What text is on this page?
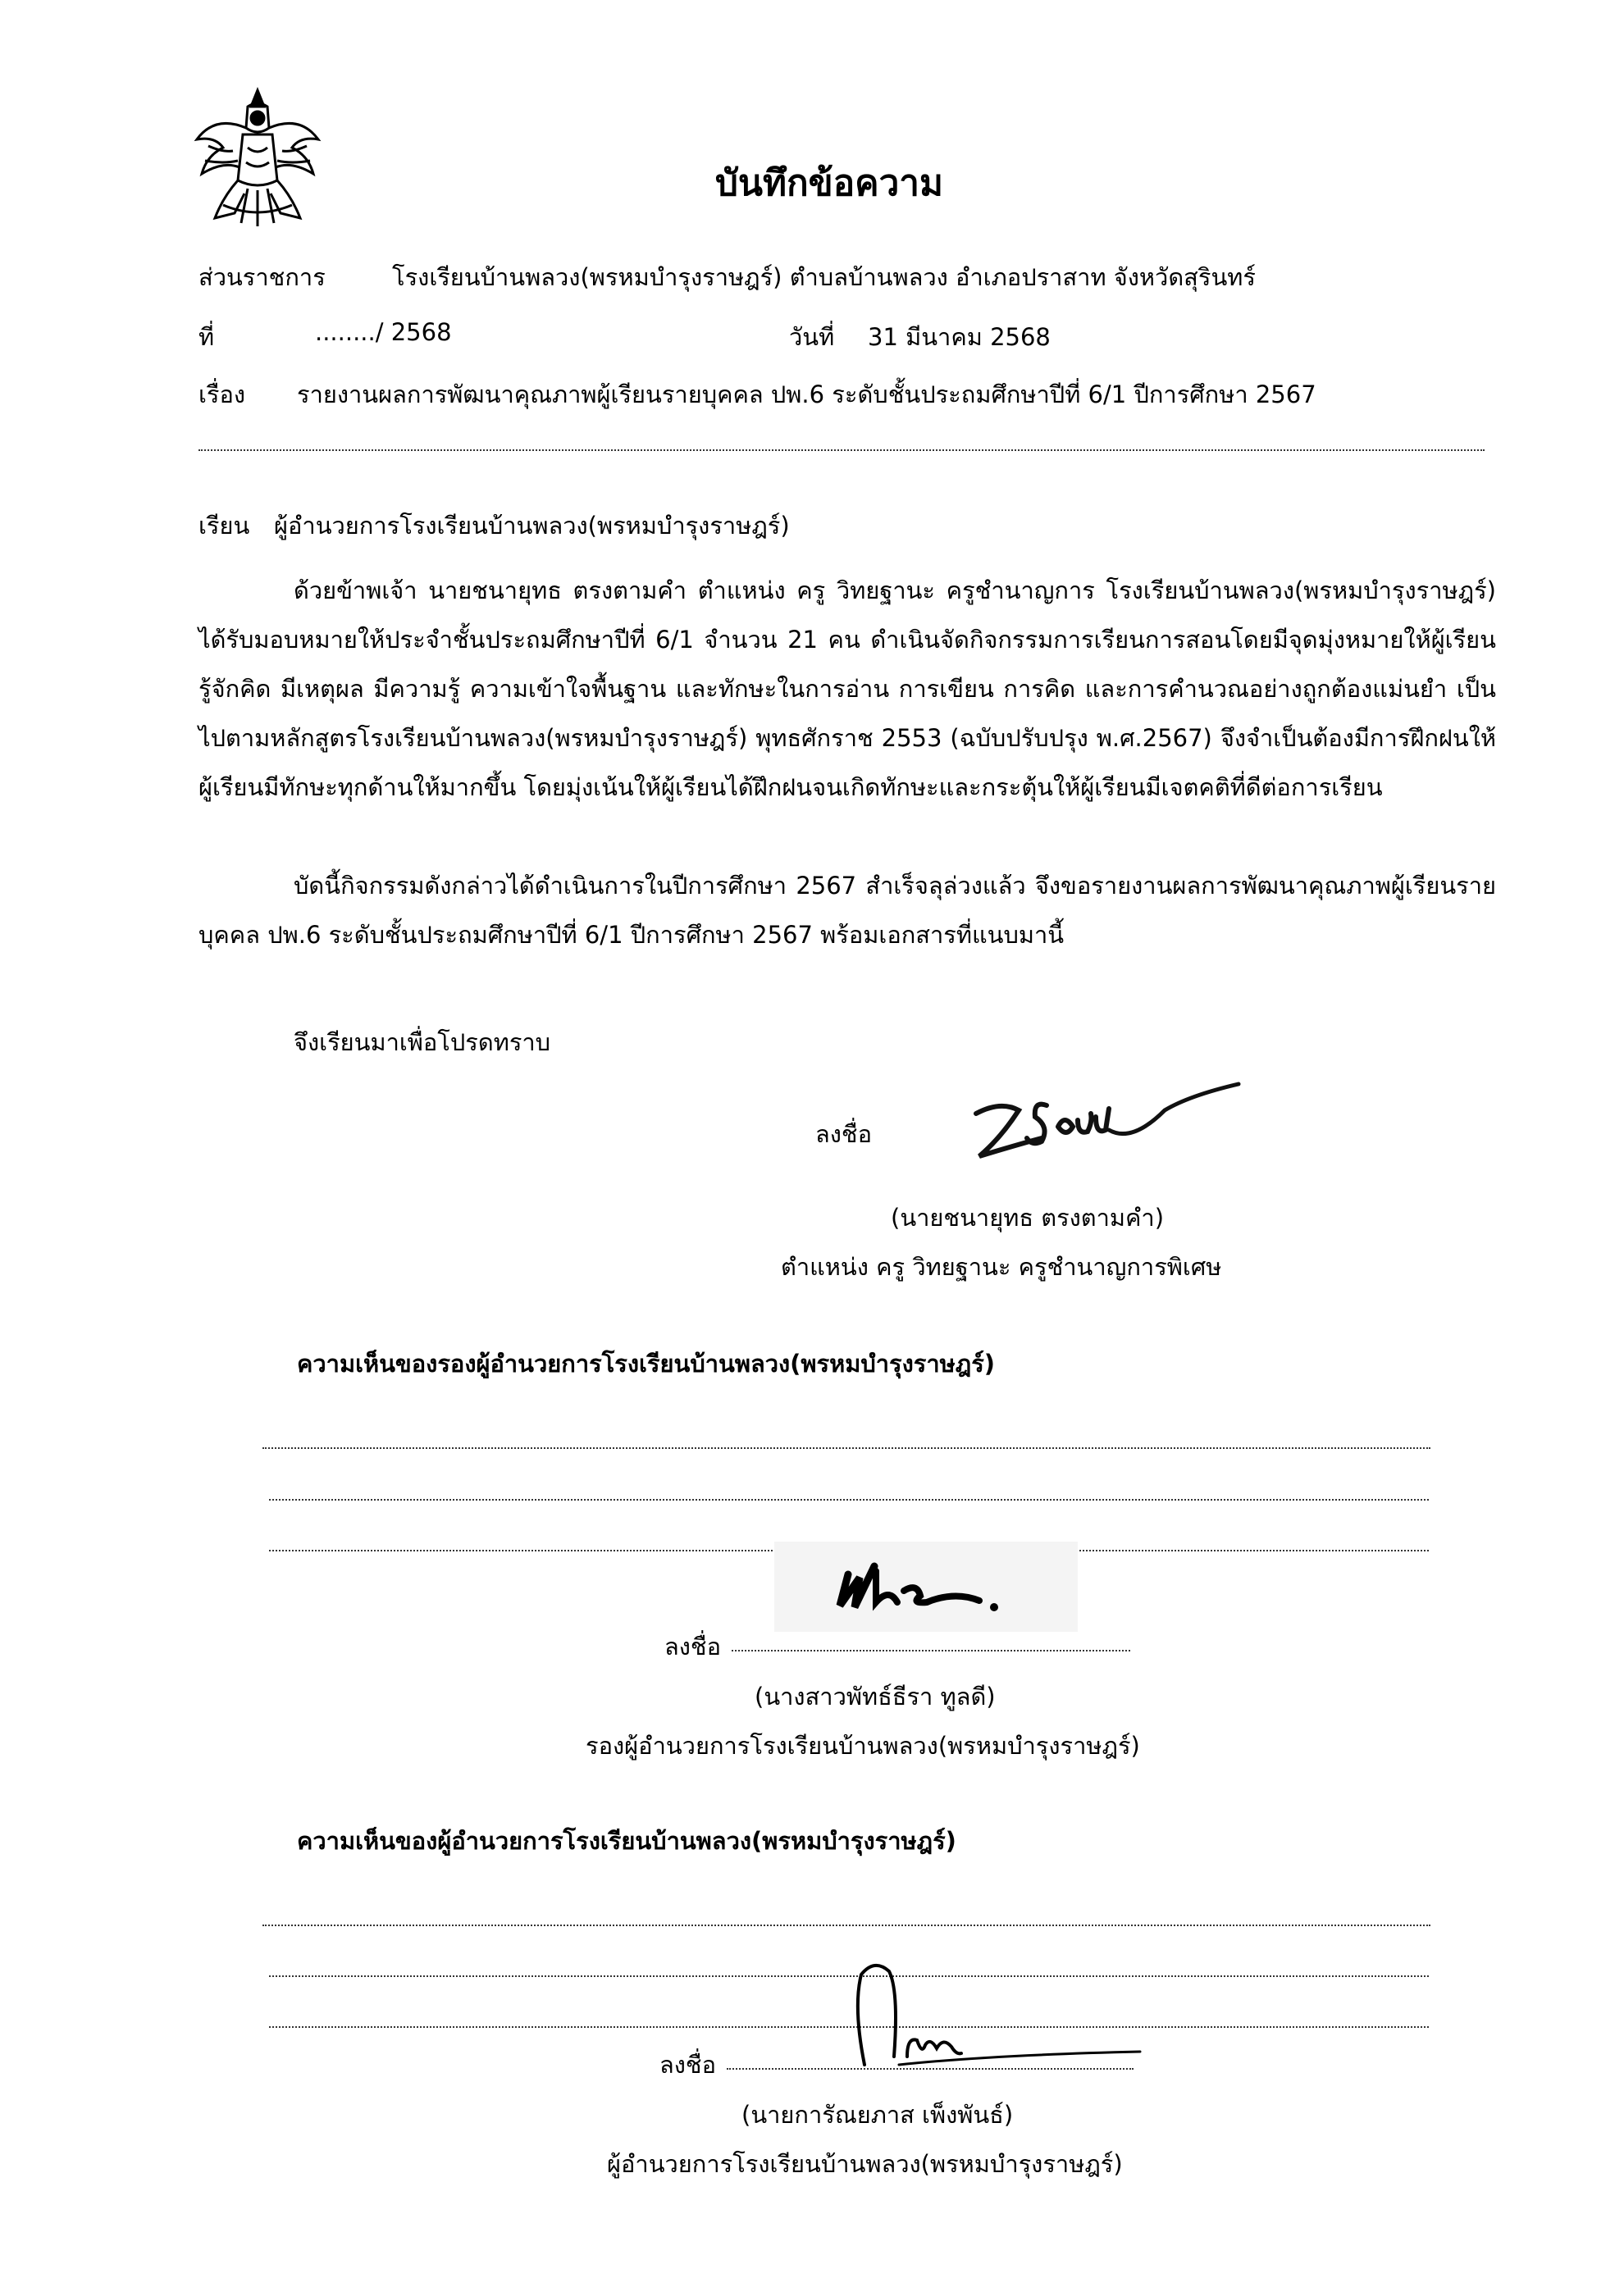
บันทึกข้อความ
ส่วนราชการ	โรงเรียนบ้านพลวง(พรหมบำรุงราษฎร์) ตำบลบ้านพลวง อำเภอปราสาท จังหวัดสุรินทร์
ที่	......../ 2568	วันที่ 31 มีนาคม 2568
เรื่อง รายงานผลการพัฒนาคุณภาพผู้เรียนรายบุคคล ปพ.6 ระดับชั้นประถมศึกษาปีที่ 6/1 ปีการศึกษา 2567
เรียน ผู้อำนวยการโรงเรียนบ้านพลวง(พรหมบำรุงราษฎร์)
ด้วยข้าพเจ้า นายชนายุทธ ตรงตามคำ ตำแหน่ง ครู วิทยฐานะ ครูชำนาญการ โรงเรียนบ้านพลวง(พรหมบำรุงราษฎร์) ได้รับมอบหมายให้ประจำชั้นประถมศึกษาปีที่ 6/1 จำนวน 21 คน ดำเนินจัดกิจกรรมการเรียนการสอนโดยมีจุดมุ่งหมายให้ผู้เรียน รู้จักคิด มีเหตุผล มีความรู้ ความเข้าใจพื้นฐาน และทักษะในการอ่าน การเขียน การคิด และการคำนวณอย่างถูกต้องแม่นยำ เป็นไปตามหลักสูตรโรงเรียนบ้านพลวง(พรหมบำรุงราษฎร์) พุทธศักราช 2553 (ฉบับปรับปรุง พ.ศ.2567) จึงจำเป็นต้องมีการฝึกฝนให้ผู้เรียนมีทักษะทุกด้านให้มากขึ้น โดยมุ่งเน้นให้ผู้เรียนได้ฝึกฝนจนเกิดทักษะและกระตุ้นให้ผู้เรียนมีเจตคติที่ดีต่อการเรียน
บัดนี้กิจกรรมดังกล่าวได้ดำเนินการในปีการศึกษา 2567 สำเร็จลุล่วงแล้ว จึงขอรายงานผลการพัฒนาคุณภาพผู้เรียนรายบุคคล ปพ.6 ระดับชั้นประถมศึกษาปีที่ 6/1 ปีการศึกษา 2567 พร้อมเอกสารที่แนบมานี้
จึงเรียนมาเพื่อโปรดทราบ
ลงชื่อ
(นายชนายุทธ ตรงตามคำ)
ตำแหน่ง ครู วิทยฐานะ ครูชำนาญการพิเศษ
ความเห็นของรองผู้อำนวยการโรงเรียนบ้านพลวง(พรหมบำรุงราษฎร์)
ลงชื่อ
(นางสาวพัทธ์ธีรา ทูลดี)
รองผู้อำนวยการโรงเรียนบ้านพลวง(พรหมบำรุงราษฎร์)
ความเห็นของผู้อำนวยการโรงเรียนบ้านพลวง(พรหมบำรุงราษฎร์)
ลงชื่อ
(นายการัณยภาส เพ็งพันธ์)
ผู้อำนวยการโรงเรียนบ้านพลวง(พรหมบำรุงราษฎร์)
